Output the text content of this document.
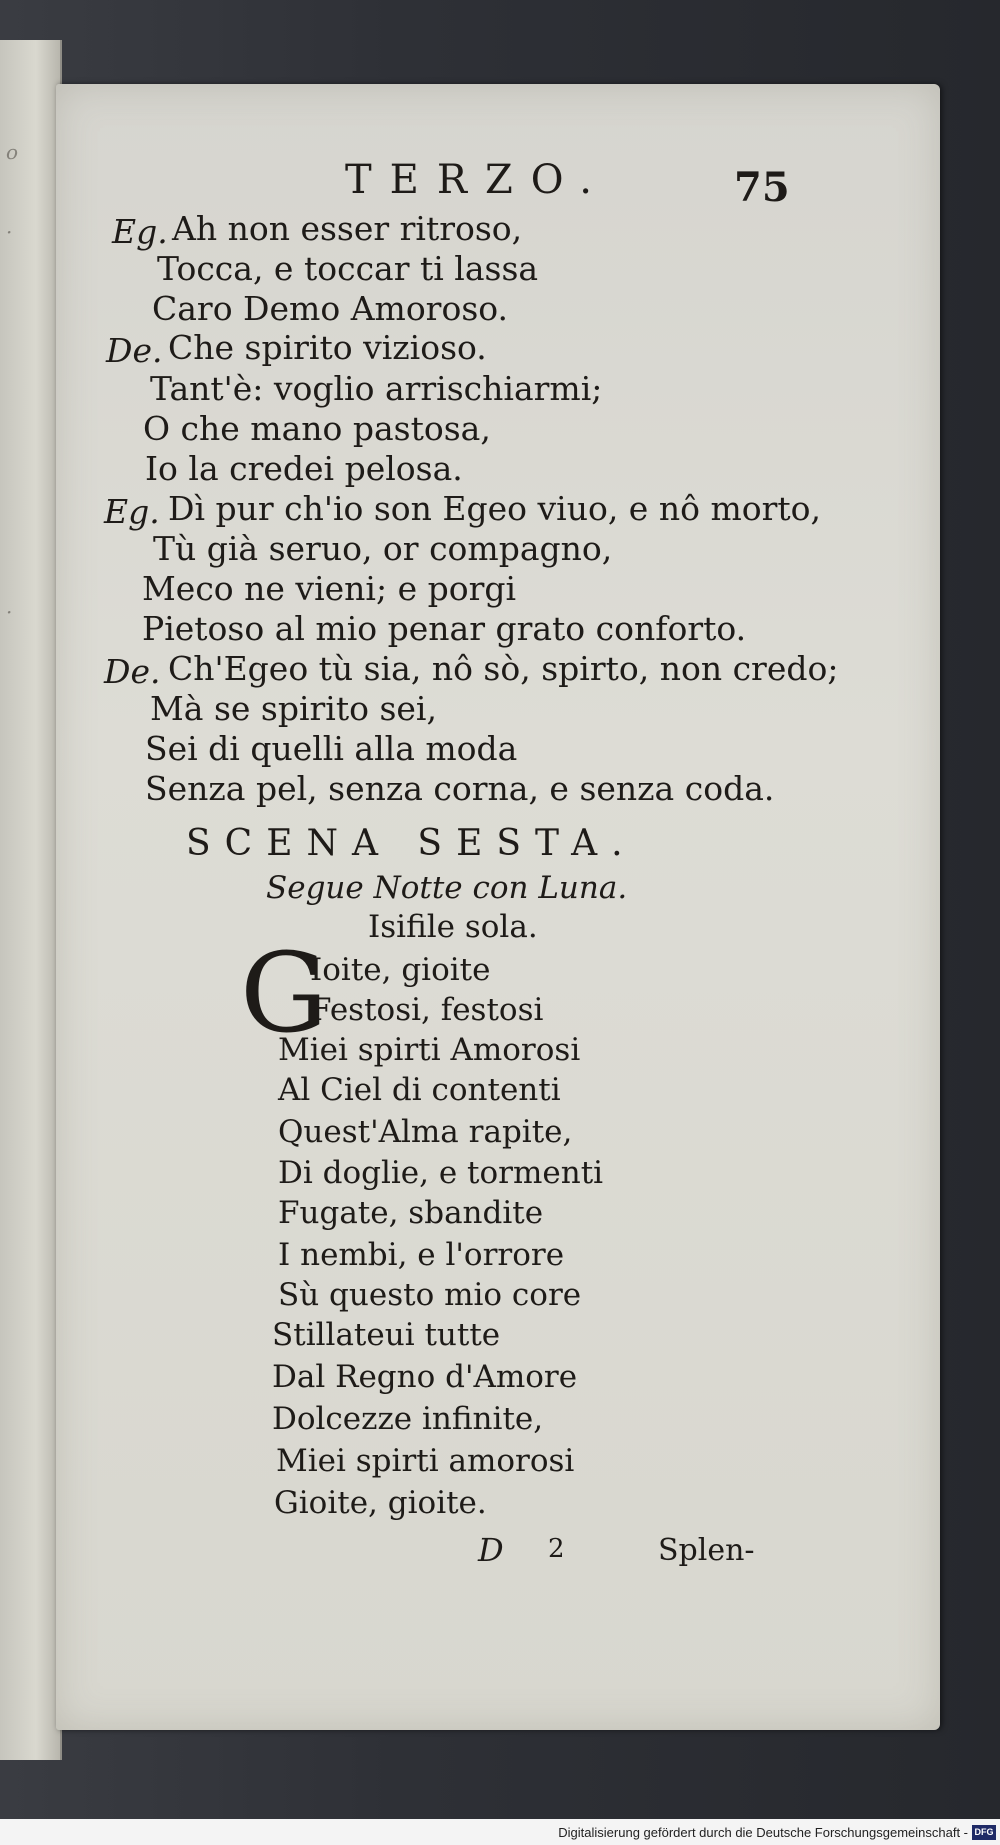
o
·
·
TERZO.	75
Eg. Ah non esser ritroso,
Tocca, e toccar ti lassa
Caro Demo Amoroso.
De. Che spirito vizioso.
Tant'è: voglio arrischiarmi;
O che mano pastosa,
Io la credei pelosa.
Eg. Dì pur ch'io son Egeo viuo, e nô morto,
Tù già seruo, or compagno,
Meco ne vieni; e porgi
Pietoso al mio penar grato conforto.
De. Ch'Egeo tù sia, nô sò, spirto, non credo;
Mà se spirito sei,
Sei di quelli alla moda
Senza pel, senza corna, e senza coda.
SCENA SESTA.
Segue Notte con Luna.
Isifile sola.
G
Ioite, gioite
Festosi, festosi
Miei spirti Amorosi
Al Ciel di contenti
Quest'Alma rapite,
Di doglie, e tormenti
Fugate, sbandite
I nembi, e l'orrore
Sù questo mio core
Stillateui tutte
Dal Regno d'Amore
Dolcezze infinite,
Miei spirti amorosi
Gioite, gioite.
D 2	Splen-
Digitalisierung gefördert durch die Deutsche Forschungsgemeinschaft - DFG
